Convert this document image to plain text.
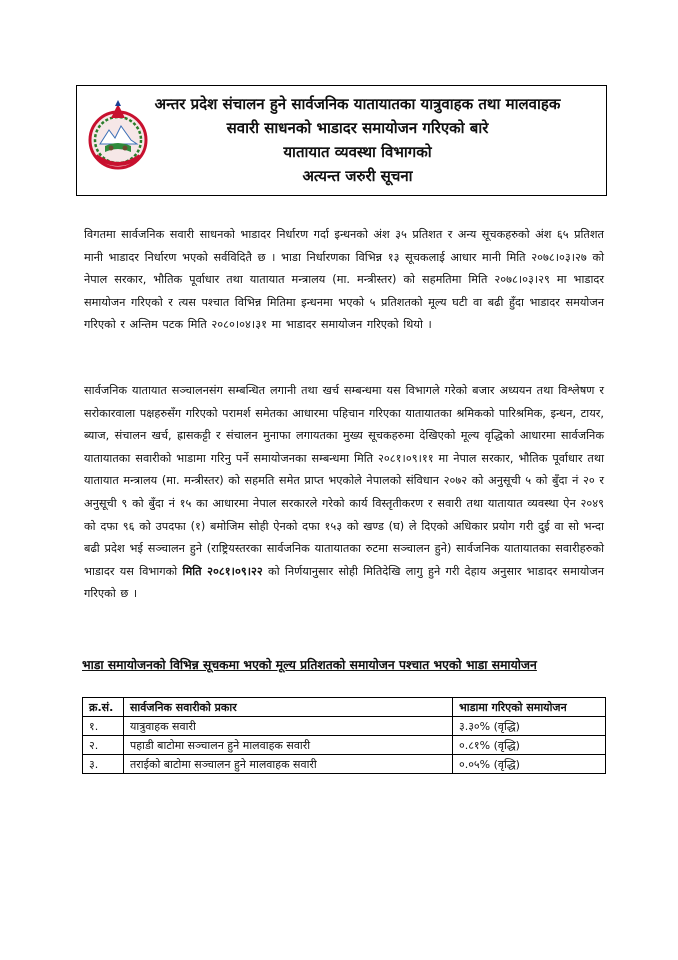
अन्तर प्रदेश संचालन हुने सार्वजनिक यातायातका यात्रुवाहक तथा मालवाहक
सवारी साधनको भाडादर समायोजन गरिएको बारे
यातायात व्यवस्था विभागको
अत्यन्त जरुरी सूचना

विगतमा सार्वजनिक सवारी साधनको भाडादर निर्धारण गर्दा इन्धनको अंश ३५ प्रतिशत र अन्य सूचकहरुको अंश ६५ प्रतिशत मानी भाडादर निर्धारण भएको सर्वविदितै छ । भाडा निर्धारणका विभिन्न १३ सूचकलाई आधार मानी मिति २०७८।०३।२७ को नेपाल सरकार, भौतिक पूर्वाधार तथा यातायात मन्त्रालय (मा. मन्त्रीस्तर) को सहमतिमा मिति २०७८।०३।२९ मा भाडादर समायोजन गरिएको र त्यस पश्चात विभिन्न मितिमा इन्धनमा भएको ५ प्रतिशतको मूल्य घटी वा बढी हुँदा भाडादर समयोजन गरिएको र अन्तिम पटक मिति २०८०।०४।३१ मा भाडादर समायोजन गरिएको थियो ।

सार्वजनिक यातायात सञ्चालनसंग सम्बन्धित लगानी तथा खर्च सम्बन्धमा यस विभागले गरेको बजार अध्ययन तथा विश्लेषण र सरोकारवाला पक्षहरुसँग गरिएको परामर्श समेतका आधारमा पहिचान गरिएका यातायातका श्रमिकको पारिश्रमिक, इन्धन, टायर, ब्याज, संचालन खर्च, ह्रासकट्टी र संचालन मुनाफा लगायतका मुख्य सूचकहरुमा देखिएको मूल्य वृद्धिको आधारमा सार्वजनिक यातायातका सवारीको भाडामा गरिनु पर्ने समायोजनका सम्बन्धमा मिति २०८१।०९।११ मा नेपाल सरकार, भौतिक पूर्वाधार तथा यातायात मन्त्रालय (मा. मन्त्रीस्तर) को सहमति समेत प्राप्त भएकोले नेपालको संविधान २०७२ को अनुसूची ५ को बुँदा नं २० र अनुसूची ९ को बुँदा नं १५ का आधारमा नेपाल सरकारले गरेको कार्य विस्तृतीकरण र सवारी तथा यातायात व्यवस्था ऐन २०४९ को दफा ९६ को उपदफा (१) बमोजिम सोही ऐनको दफा १५३ को खण्ड (घ) ले दिएको अधिकार प्रयोग गरी दुई वा सो भन्दा बढी प्रदेश भई सञ्चालन हुने (राष्ट्रियस्तरका सार्वजनिक यातायातका रुटमा सञ्चालन हुने) सार्वजनिक यातायातका सवारीहरुको भाडादर यस विभागको मिति २०८१।०९।२२ को निर्णयानुसार सोही मितिदेखि लागु हुने गरी देहाय अनुसार भाडादर समायोजन गरिएको छ ।

भाडा समायोजनको विभिन्न सूचकमा भएको मूल्य प्रतिशतको समायोजन पश्चात भएको भाडा समायोजन
क्र.सं.	सार्वजनिक सवारीको प्रकार	भाडामा गरिएको समायोजन
१.	यात्रुवाहक सवारी	३.३०% (वृद्धि)
२.	पहाडी बाटोमा सञ्चालन हुने मालवाहक सवारी	०.८१% (वृद्धि)
३.	तराईको बाटोमा सञ्चालन हुने मालवाहक सवारी	०.०५% (वृद्धि)
